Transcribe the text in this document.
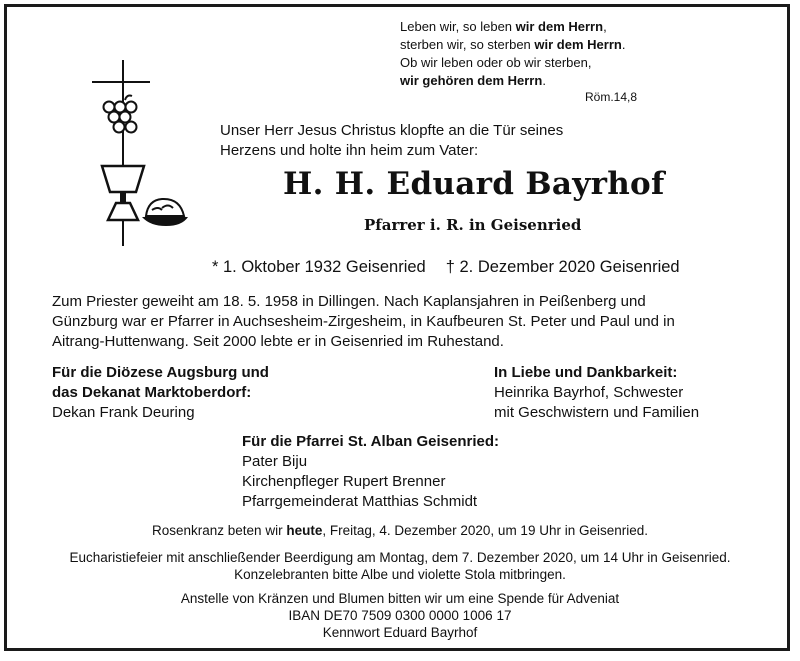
Leben wir, so leben wir dem Herrn,
sterben wir, so sterben wir dem Herrn.
Ob wir leben oder ob wir sterben,
wir gehören dem Herrn.
Röm.14,8
Unser Herr Jesus Christus klopfte an die Tür seines
Herzens und holte ihn heim zum Vater:
H. H. Eduard Bayrhof
Pfarrer i. R. in Geisenried
* 1. Oktober 1932 Geisenried † 2. Dezember 2020 Geisenried
Zum Priester geweiht am 18. 5. 1958 in Dillingen. Nach Kaplansjahren in Peißenberg und
Günzburg war er Pfarrer in Auchsesheim-Zirgesheim, in Kaufbeuren St. Peter und Paul und in
Aitrang-Huttenwang. Seit 2000 lebte er in Geisenried im Ruhestand.
Für die Diözese Augsburg und
das Dekanat Marktoberdorf:
Dekan Frank Deuring
In Liebe und Dankbarkeit:
Heinrika Bayrhof, Schwester
mit Geschwistern und Familien
Für die Pfarrei St. Alban Geisenried:
Pater Biju
Kirchenpfleger Rupert Brenner
Pfarrgemeinderat Matthias Schmidt
Rosenkranz beten wir heute, Freitag, 4. Dezember 2020, um 19 Uhr in Geisenried.
Eucharistiefeier mit anschließender Beerdigung am Montag, dem 7. Dezember 2020, um 14 Uhr in Geisenried.
Konzelebranten bitte Albe und violette Stola mitbringen.
Anstelle von Kränzen und Blumen bitten wir um eine Spende für Adveniat
IBAN DE70 7509 0300 0000 1006 17
Kennwort Eduard Bayrhof
